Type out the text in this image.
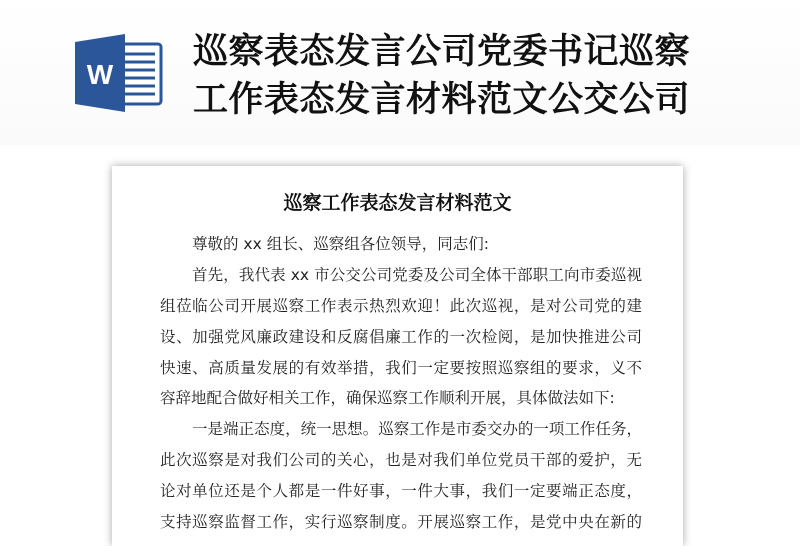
W
巡察表态发言公司党委书记巡察
工作表态发言材料范文公交公司
巡察工作表态发言材料范文
尊敬的 xx 组长、巡察组各位领导，同志们:
首先，我代表 xx 市公交公司党委及公司全体干部职工向市委巡视
组莅临公司开展巡察工作表示热烈欢迎！此次巡视，是对公司党的建
设、加强党风廉政建设和反腐倡廉工作的一次检阅，是加快推进公司
快速、高质量发展的有效举措，我们一定要按照巡察组的要求，义不
容辞地配合做好相关工作，确保巡察工作顺利开展，具体做法如下:
一是端正态度，统一思想。巡察工作是市委交办的一项工作任务，
此次巡察是对我们公司的关心，也是对我们单位党员干部的爱护，无
论对单位还是个人都是一件好事，一件大事，我们一定要端正态度，
支持巡察监督工作，实行巡察制度。开展巡察工作，是党中央在新的
